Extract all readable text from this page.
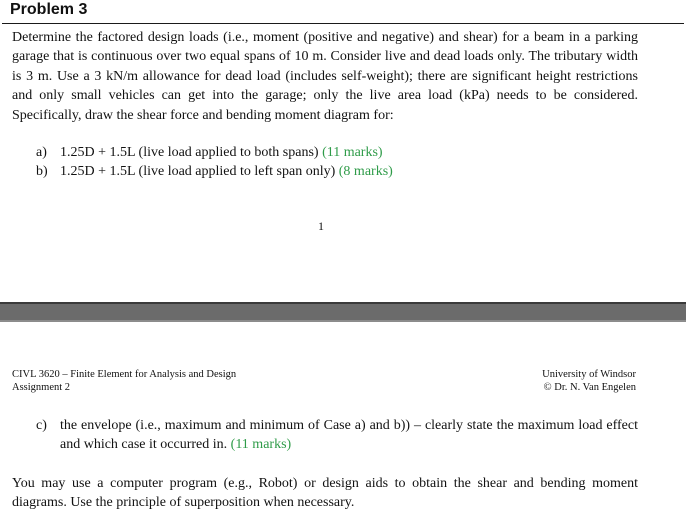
Problem 3
Determine the factored design loads (i.e., moment (positive and negative) and shear) for a beam in a parking garage that is continuous over two equal spans of 10 m. Consider live and dead loads only. The tributary width is 3 m. Use a 3 kN/m allowance for dead load (includes self-weight); there are significant height restrictions and only small vehicles can get into the garage; only the live area load (kPa) needs to be considered. Specifically, draw the shear force and bending moment diagram for:
a) 1.25D + 1.5L (live load applied to both spans) (11 marks)
b) 1.25D + 1.5L (live load applied to left span only) (8 marks)
1
CIVL 3620 – Finite Element for Analysis and Design
Assignment 2
University of Windsor
© Dr. N. Van Engelen
c) the envelope (i.e., maximum and minimum of Case a) and b)) – clearly state the maximum load effect and which case it occurred in. (11 marks)
You may use a computer program (e.g., Robot) or design aids to obtain the shear and bending moment diagrams. Use the principle of superposition when necessary.
